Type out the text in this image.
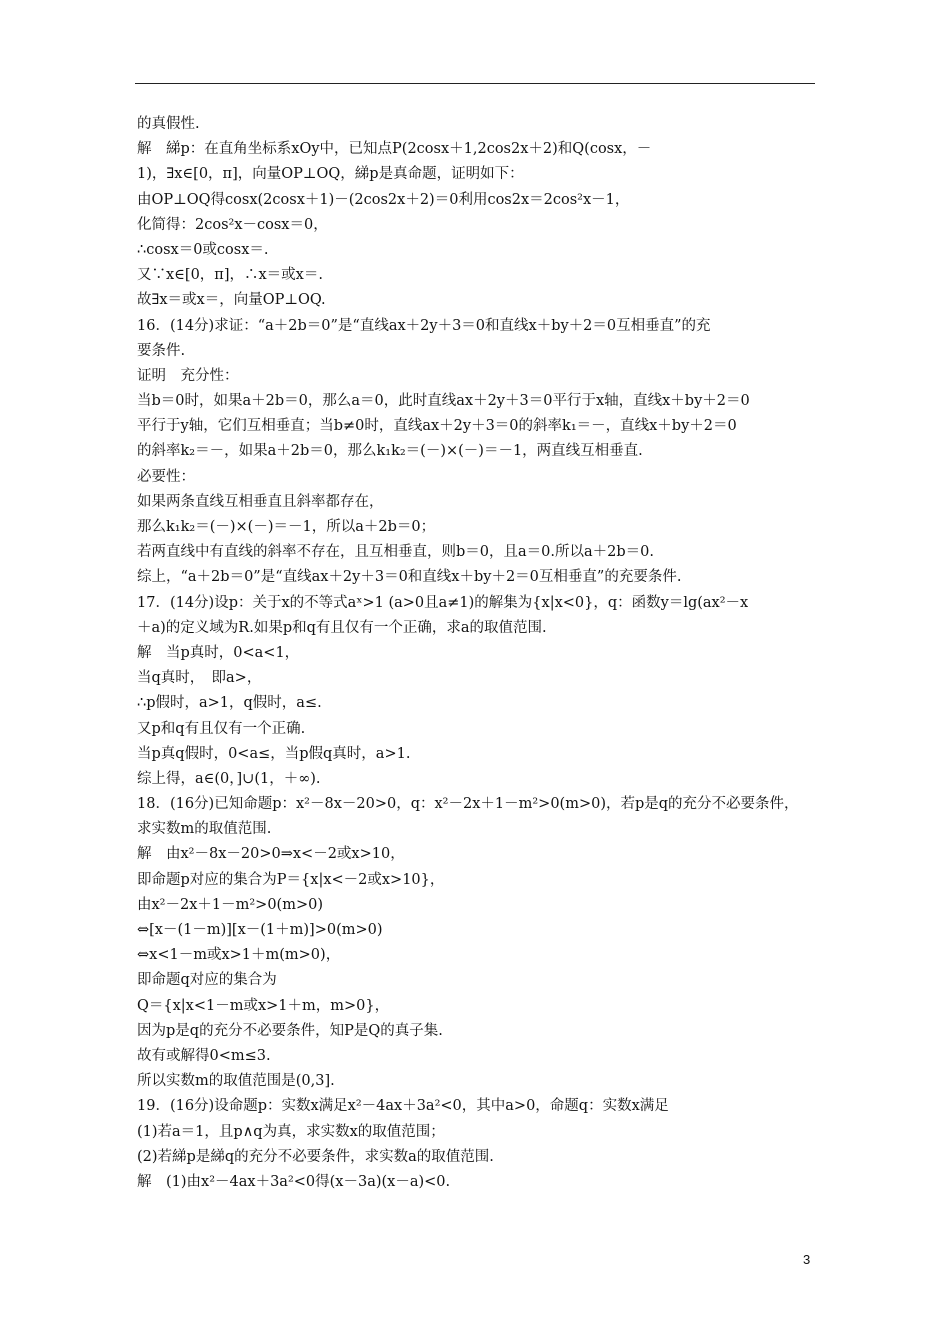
的真假性.
解　綈p：在直角坐标系xOy中，已知点P(2cosx＋1,2cos2x＋2)和Q(cosx，－
1)，∃x∈[0，π]，向量OP⊥OQ，綈p是真命题，证明如下：
由OP⊥OQ得cosx(2cosx＋1)－(2cos2x＋2)＝0利用cos2x＝2cos²x－1，
化简得：2cos²x－cosx＝0，
∴cosx＝0或cosx＝.
又∵x∈[0，π]，∴x＝或x＝.
故∃x＝或x＝，向量OP⊥OQ.
16．(14分)求证：“a＋2b＝0”是“直线ax＋2y＋3＝0和直线x＋by＋2＝0互相垂直”的充
要条件.
证明　充分性：
当b＝0时，如果a＋2b＝0，那么a＝0，此时直线ax＋2y＋3＝0平行于x轴，直线x＋by＋2＝0
平行于y轴，它们互相垂直；当b≠0时，直线ax＋2y＋3＝0的斜率k₁＝－，直线x＋by＋2＝0
的斜率k₂＝－，如果a＋2b＝0，那么k₁k₂＝(－)×(－)＝－1，两直线互相垂直.
必要性：
如果两条直线互相垂直且斜率都存在，
那么k₁k₂＝(－)×(－)＝－1，所以a＋2b＝0；
若两直线中有直线的斜率不存在，且互相垂直，则b＝0，且a＝0.所以a＋2b＝0.
综上，“a＋2b＝0”是“直线ax＋2y＋3＝0和直线x＋by＋2＝0互相垂直”的充要条件.
17．(14分)设p：关于x的不等式aˣ>1 (a>0且a≠1)的解集为{x|x<0}，q：函数y＝lg(ax²－x
＋a)的定义域为R.如果p和q有且仅有一个正确，求a的取值范围.
解　当p真时，0<a<1，
当q真时，　即a>，
∴p假时，a>1，q假时，a≤.
又p和q有且仅有一个正确.
当p真q假时，0<a≤，当p假q真时，a>1.
综上得，a∈(0，]∪(1，＋∞).
18．(16分)已知命题p：x²－8x－20>0，q：x²－2x＋1－m²>0(m>0)，若p是q的充分不必要条件，
求实数m的取值范围.
解　由x²－8x－20>0⇒x<－2或x>10，
即命题p对应的集合为P＝{x|x<－2或x>10}，
由x²－2x＋1－m²>0(m>0)
⇔[x－(1－m)][x－(1＋m)]>0(m>0)
⇔x<1－m或x>1＋m(m>0)，
即命题q对应的集合为
Q＝{x|x<1－m或x>1＋m，m>0}，
因为p是q的充分不必要条件，知P是Q的真子集.
故有或解得0<m≤3.
所以实数m的取值范围是(0,3].
19．(16分)设命题p：实数x满足x²－4ax＋3a²<0，其中a>0，命题q：实数x满足
(1)若a＝1，且p∧q为真，求实数x的取值范围；
(2)若綈p是綈q的充分不必要条件，求实数a的取值范围.
解　(1)由x²－4ax＋3a²<0得(x－3a)(x－a)<0.
3
